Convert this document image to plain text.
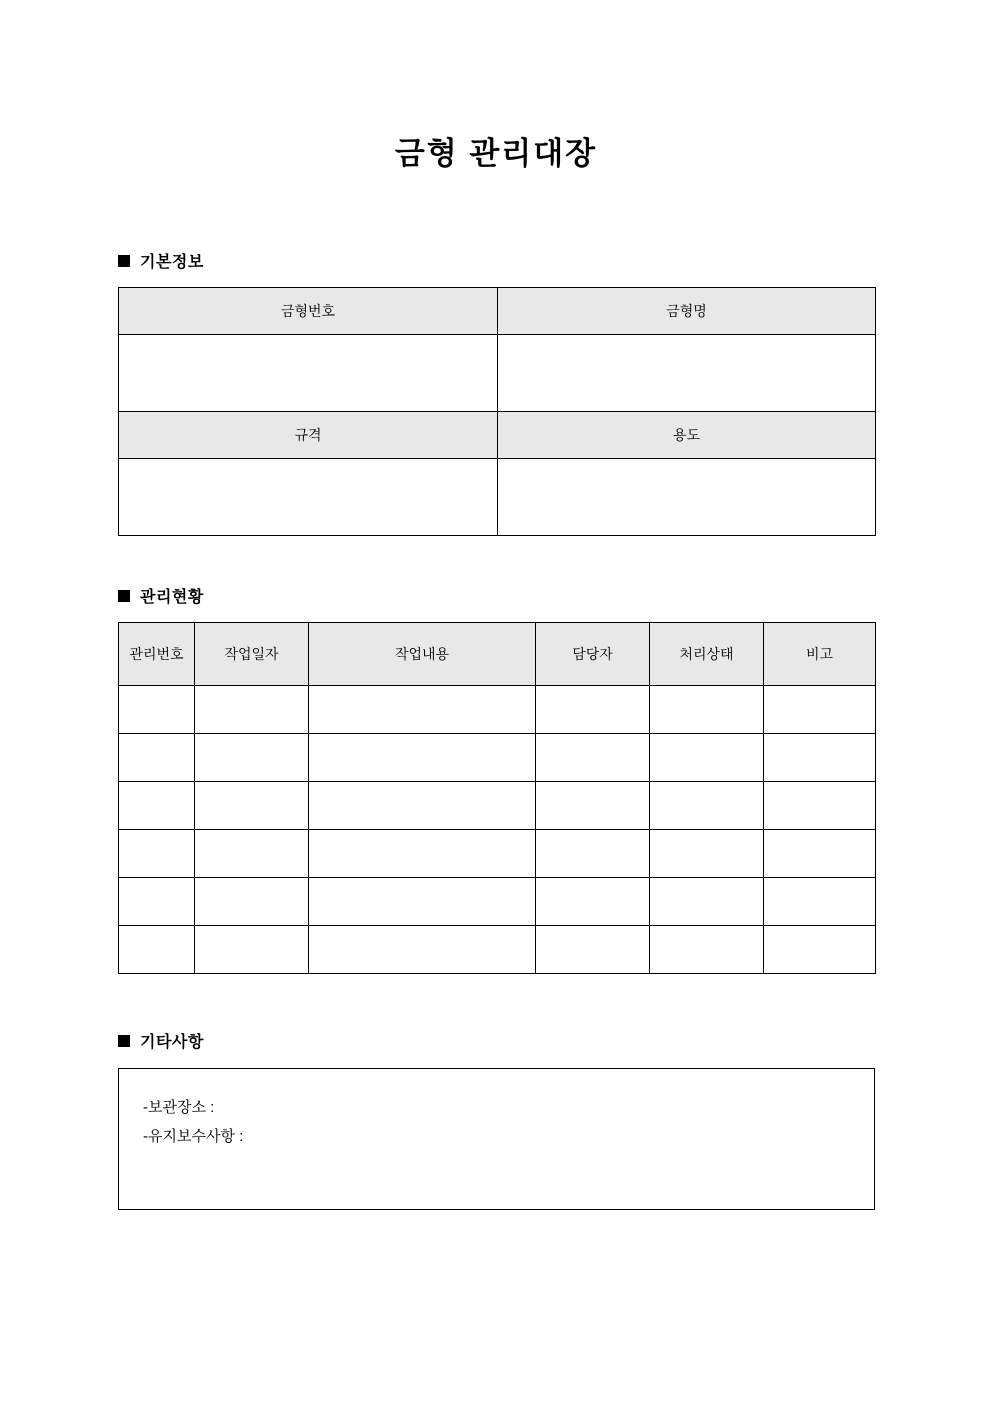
금형 관리대장
기본정보
금형번호	금형명

규격	용도

관리현황
관리번호	작업일자	작업내용	담당자	처리상태	비고

기타사항
-보관장소 :
-유지보수사항 :
